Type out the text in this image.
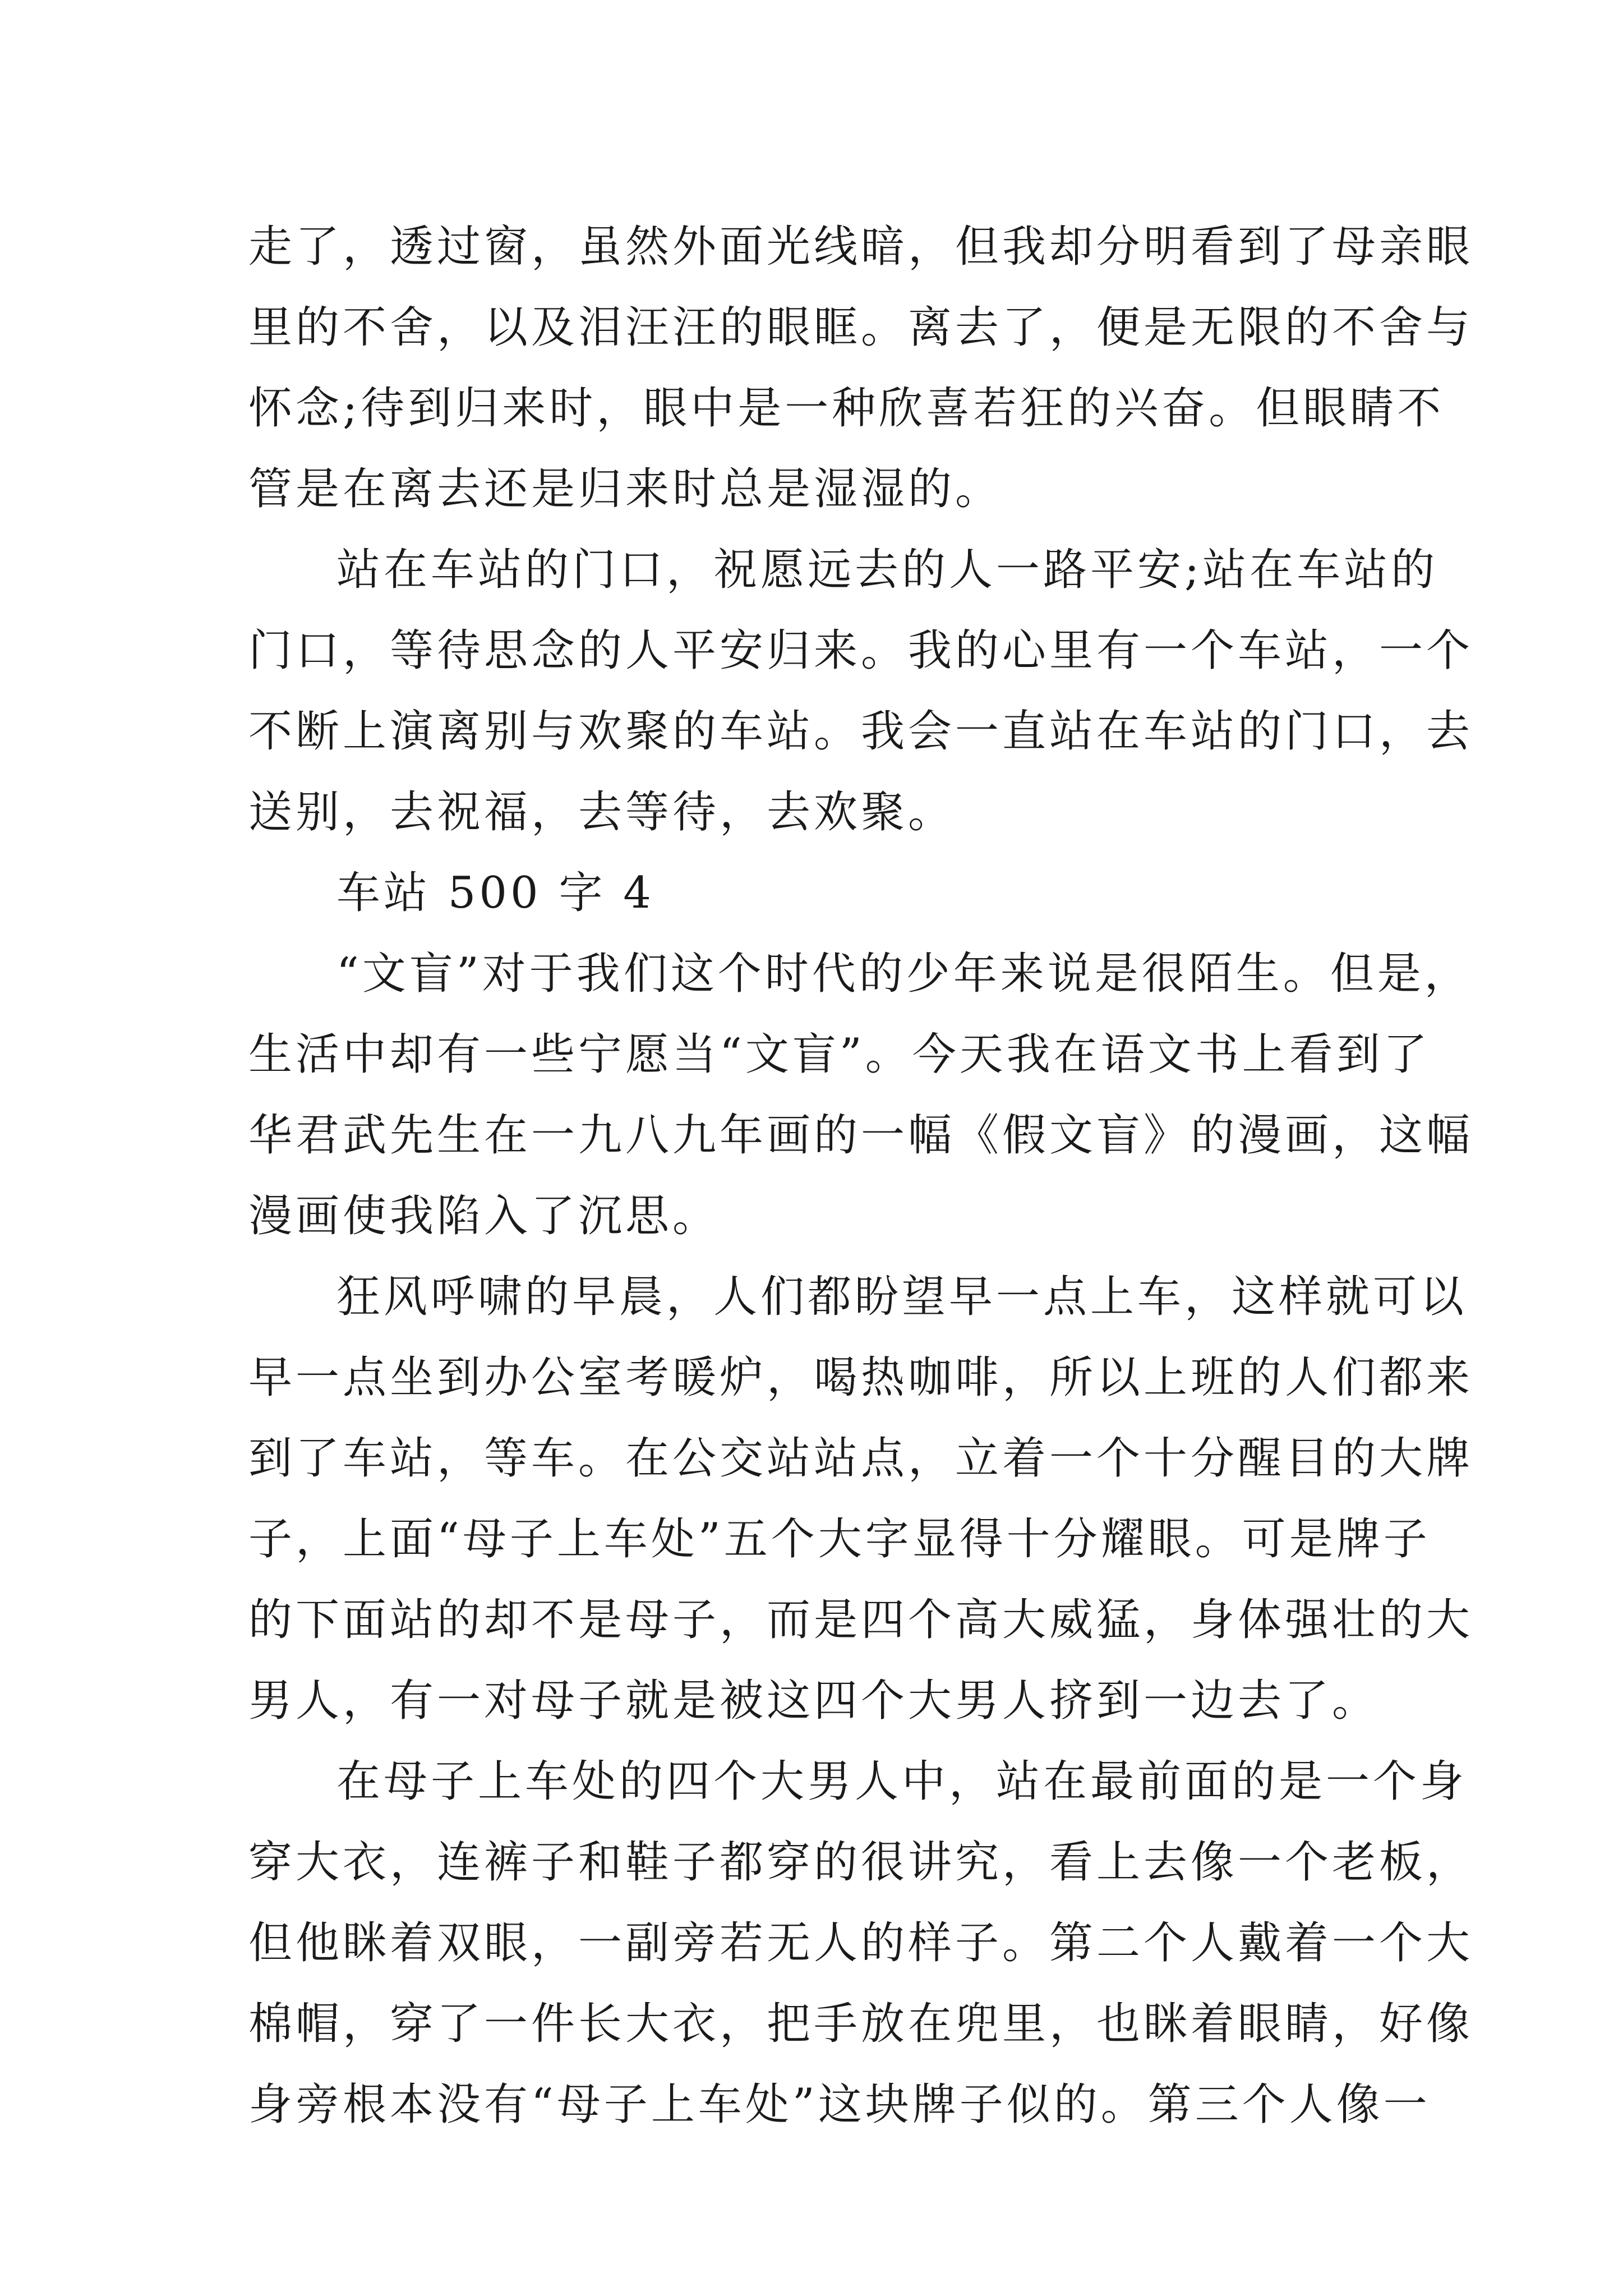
走了，透过窗，虽然外面光线暗，但我却分明看到了母亲眼
里的不舍，以及泪汪汪的眼眶。离去了，便是无限的不舍与
怀念;待到归来时，眼中是一种欣喜若狂的兴奋。但眼睛不
管是在离去还是归来时总是湿湿的。
站在车站的门口，祝愿远去的人一路平安;站在车站的
门口，等待思念的人平安归来。我的心里有一个车站，一个
不断上演离别与欢聚的车站。我会一直站在车站的门口，去
送别，去祝福，去等待，去欢聚。
车站 500 字 4
“文盲”对于我们这个时代的少年来说是很陌生。但是，
生活中却有一些宁愿当“文盲”。今天我在语文书上看到了
华君武先生在一九八九年画的一幅《假文盲》的漫画，这幅
漫画使我陷入了沉思。
狂风呼啸的早晨，人们都盼望早一点上车，这样就可以
早一点坐到办公室考暖炉，喝热咖啡，所以上班的人们都来
到了车站，等车。在公交站站点，立着一个十分醒目的大牌
子，上面“母子上车处”五个大字显得十分耀眼。可是牌子
的下面站的却不是母子，而是四个高大威猛，身体强壮的大
男人，有一对母子就是被这四个大男人挤到一边去了。
在母子上车处的四个大男人中，站在最前面的是一个身
穿大衣，连裤子和鞋子都穿的很讲究，看上去像一个老板，
但他眯着双眼，一副旁若无人的样子。第二个人戴着一个大
棉帽，穿了一件长大衣，把手放在兜里，也眯着眼睛，好像
身旁根本没有“母子上车处”这块牌子似的。第三个人像一
